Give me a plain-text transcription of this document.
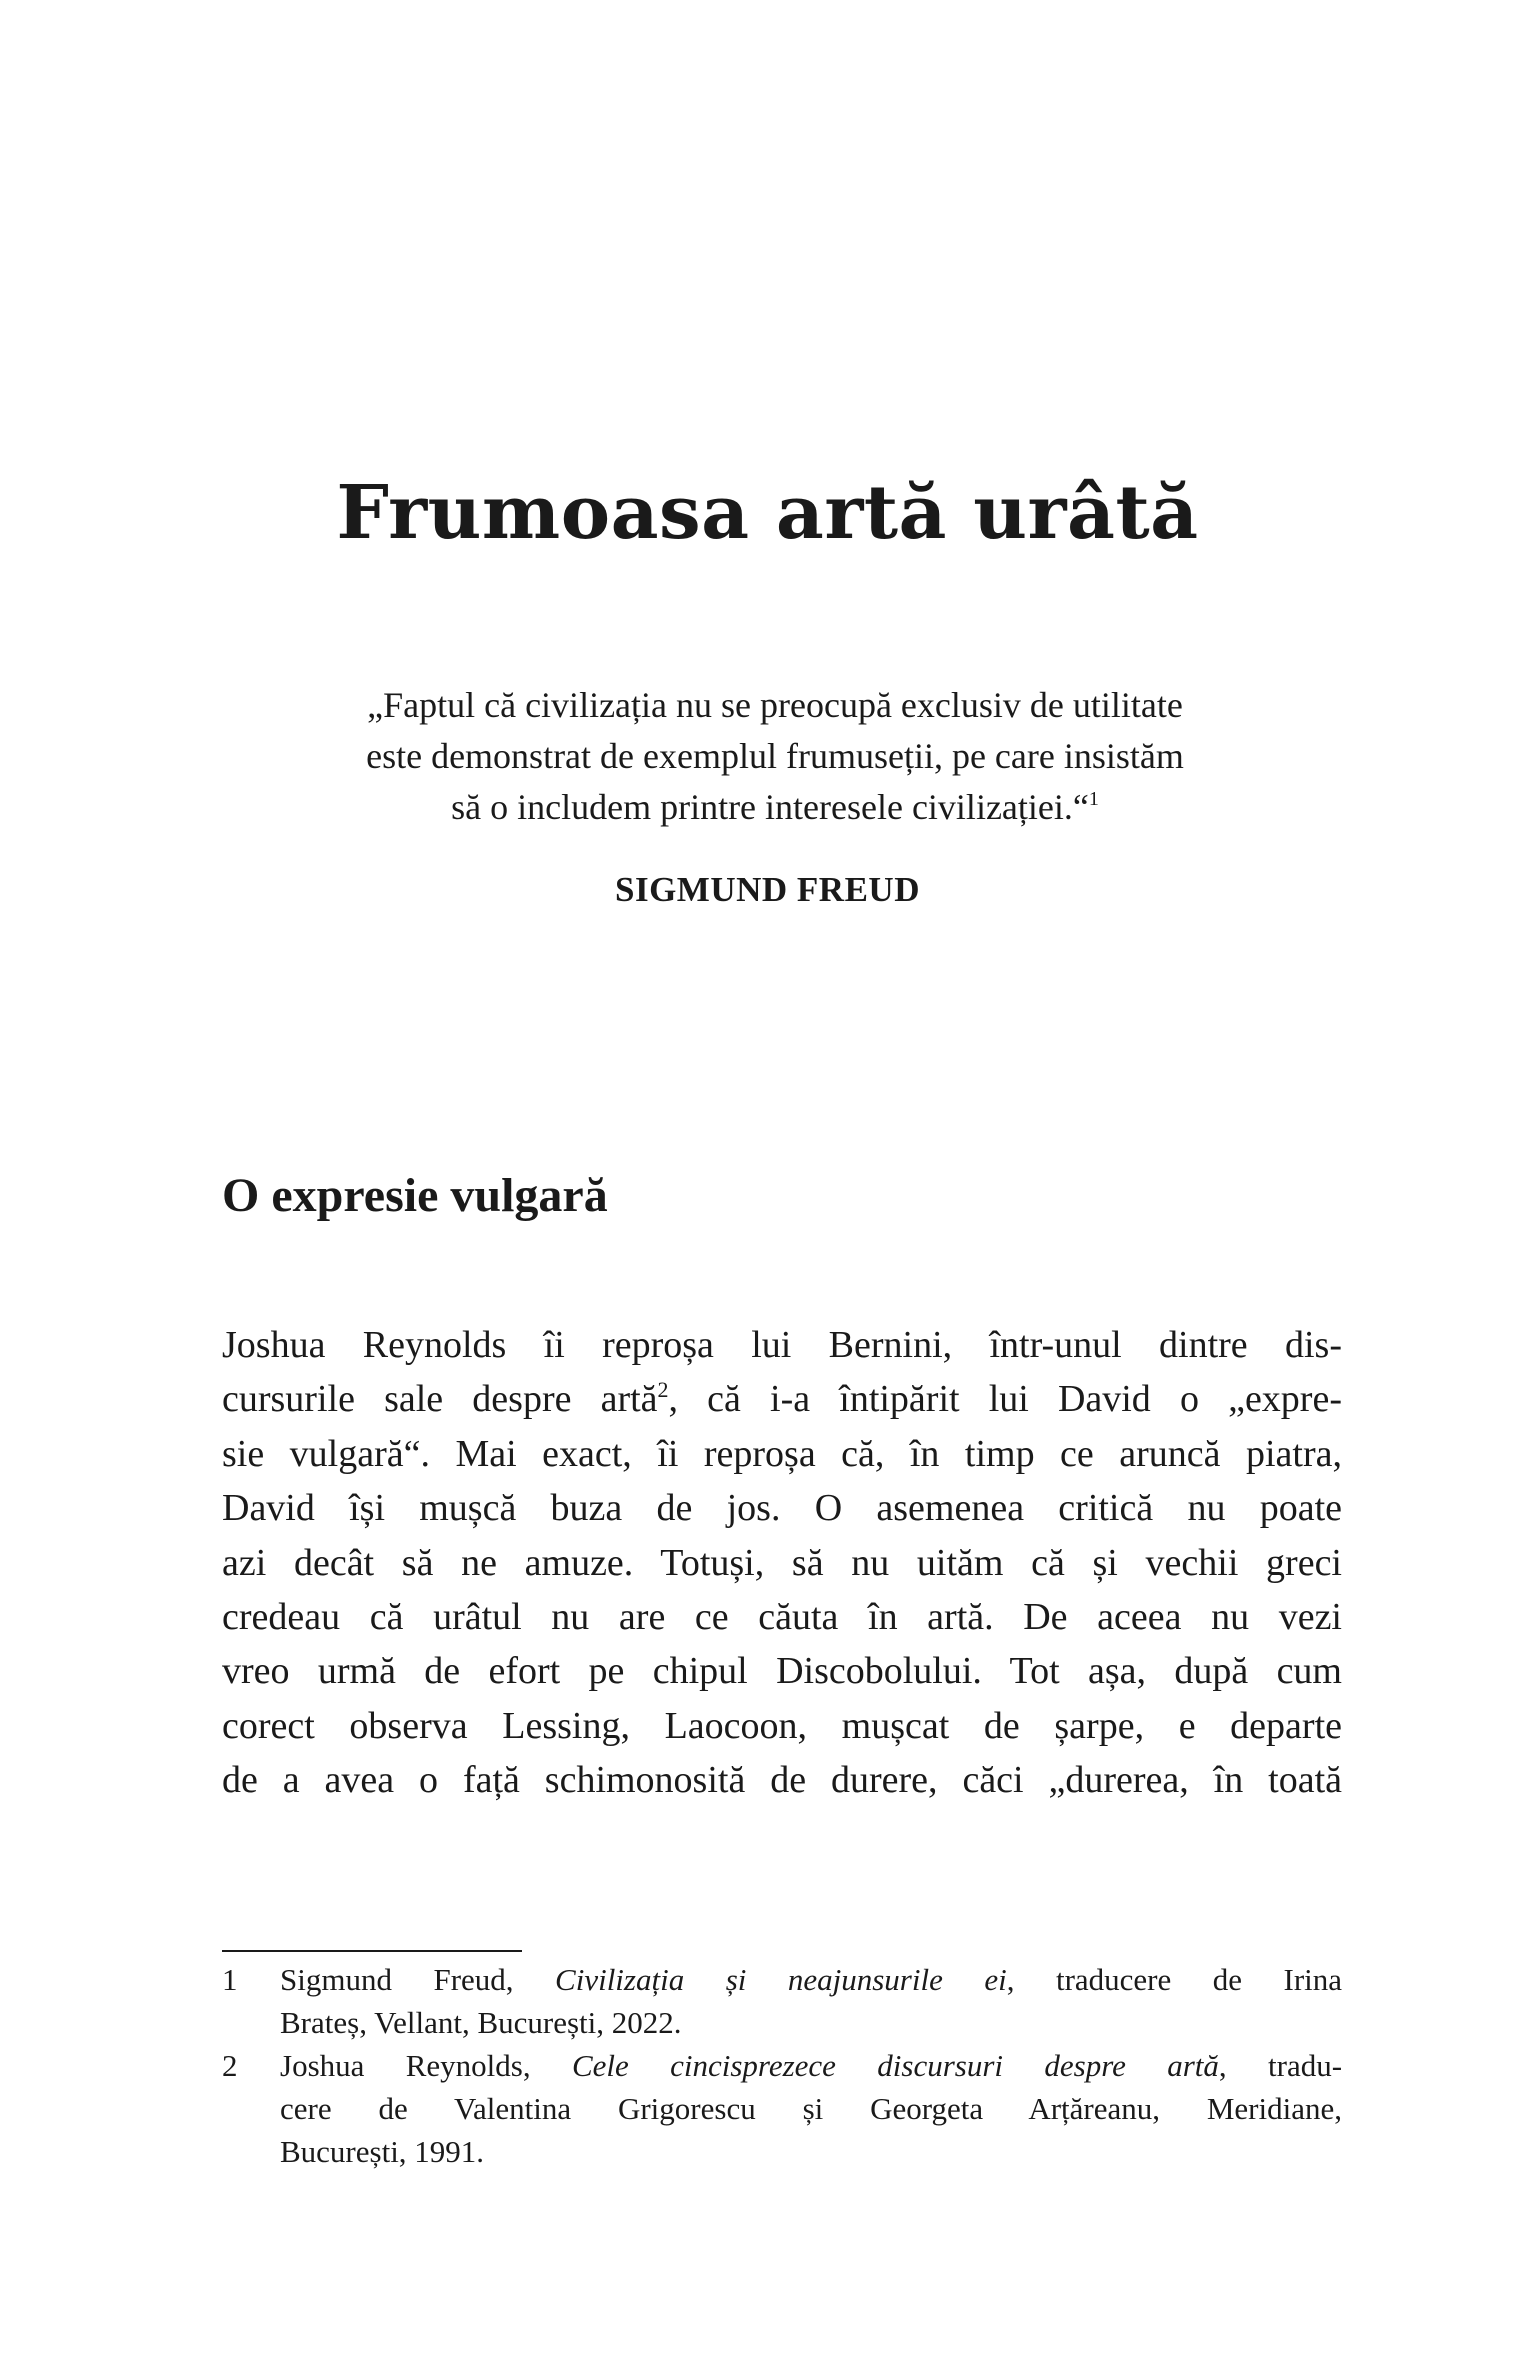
Frumoasa artă urâtă
„Faptul că civilizația nu se preocupă exclusiv de utilitate
este demonstrat de exemplul frumuseții, pe care insistăm
să o includem printre interesele civilizației.“$^1$
SIGMUND FREUD
O expresie vulgară
Joshua Reynolds îi reproșa lui Bernini, într-unul dintre dis-
cursurile sale despre artă$^2$, că i-a întipărit lui David o „expre-
sie vulgară“. Mai exact, îi reproșa că, în timp ce aruncă piatra,
David își mușcă buza de jos. O asemenea critică nu poate
azi decât să ne amuze. Totuși, să nu uităm că și vechii greci
credeau că urâtul nu are ce căuta în artă. De aceea nu vezi
vreo urmă de efort pe chipul Discobolului. Tot așa, după cum
corect observa Lessing, Laocoon, mușcat de șarpe, e departe
de a avea o față schimonosită de durere, căci „durerea, în toată
1	Sigmund Freud, Civilizația și neajunsurile ei, traducere de Irina
Brateș, Vellant, București, 2022.
2	Joshua Reynolds, Cele cincisprezece discursuri despre artă, tradu-
cere de Valentina Grigorescu și Georgeta Arțăreanu, Meridiane,
București, 1991.
